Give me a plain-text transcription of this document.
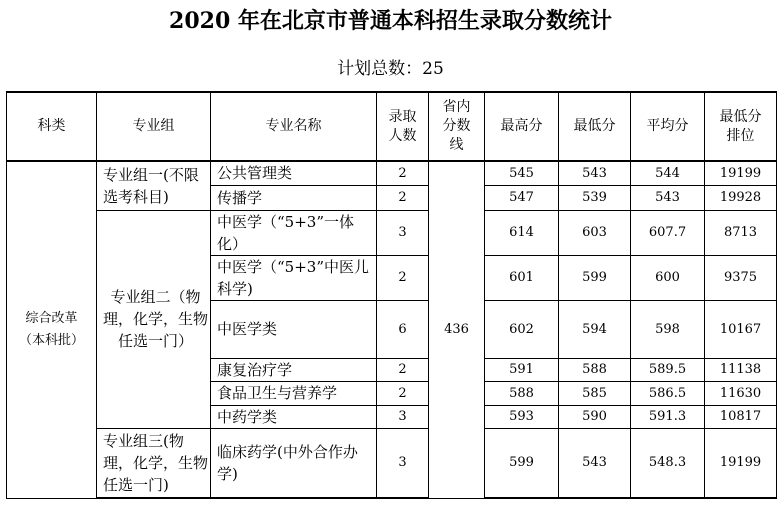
2020 年在北京市普通本科招生录取分数统计
计划总数：25
科类	专业组	专业名称	录取人数	省内分数线	最高分	最低分	平均分	最低分排位
综合改革（本科批）	专业组一(不限选考科目)	公共管理类	2	436	545	543	544	19199
		传播学	2		547	539	543	19928
	专业组二（物理，化学，生物任选一门）	中医学（“5+3”一体化）	3		614	603	607.7	8713
		中医学（“5+3”中医儿科学)	2		601	599	600	9375
		中医学类	6		602	594	598	10167
		康复治疗学	2		591	588	589.5	11138
		食品卫生与营养学	2		588	585	586.5	11630
		中药学类	3		593	590	591.3	10817
	专业组三(物理，化学，生物任选一门)	临床药学(中外合作办学)	3		599	543	548.3	19199
